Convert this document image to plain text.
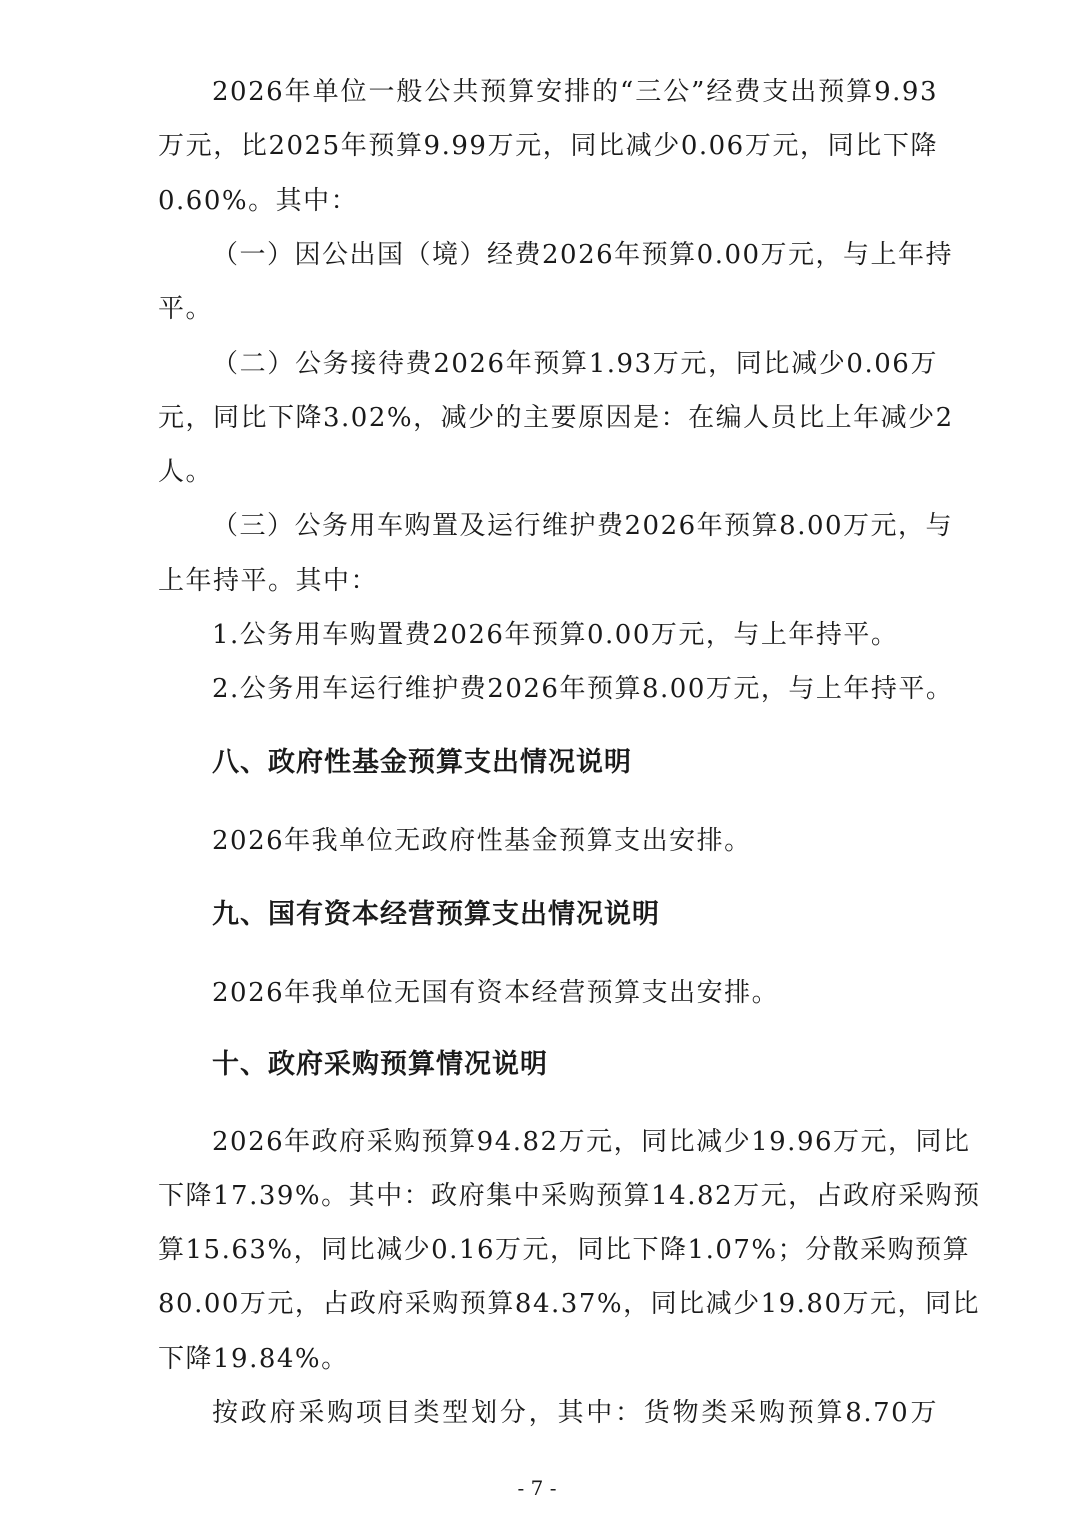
2026年单位一般公共预算安排的“三公”经费支出预算9.93
万元，比2025年预算9.99万元，同比减少0.06万元，同比下降
0.60%。其中：
（一）因公出国（境）经费2026年预算0.00万元，与上年持
平。
（二）公务接待费2026年预算1.93万元，同比减少0.06万
元，同比下降3.02%，减少的主要原因是：在编人员比上年减少2
人。
（三）公务用车购置及运行维护费2026年预算8.00万元，与
上年持平。其中：
1.公务用车购置费2026年预算0.00万元，与上年持平。
2.公务用车运行维护费2026年预算8.00万元，与上年持平。
八、政府性基金预算支出情况说明
2026年我单位无政府性基金预算支出安排。
九、国有资本经营预算支出情况说明
2026年我单位无国有资本经营预算支出安排。
十、政府采购预算情况说明
2026年政府采购预算94.82万元，同比减少19.96万元，同比
下降17.39%。其中：政府集中采购预算14.82万元，占政府采购预
算15.63%，同比减少0.16万元，同比下降1.07%；分散采购预算
80.00万元，占政府采购预算84.37%，同比减少19.80万元，同比
下降19.84%。
按政府采购项目类型划分，其中：货物类采购预算8.70万
- 7 -
